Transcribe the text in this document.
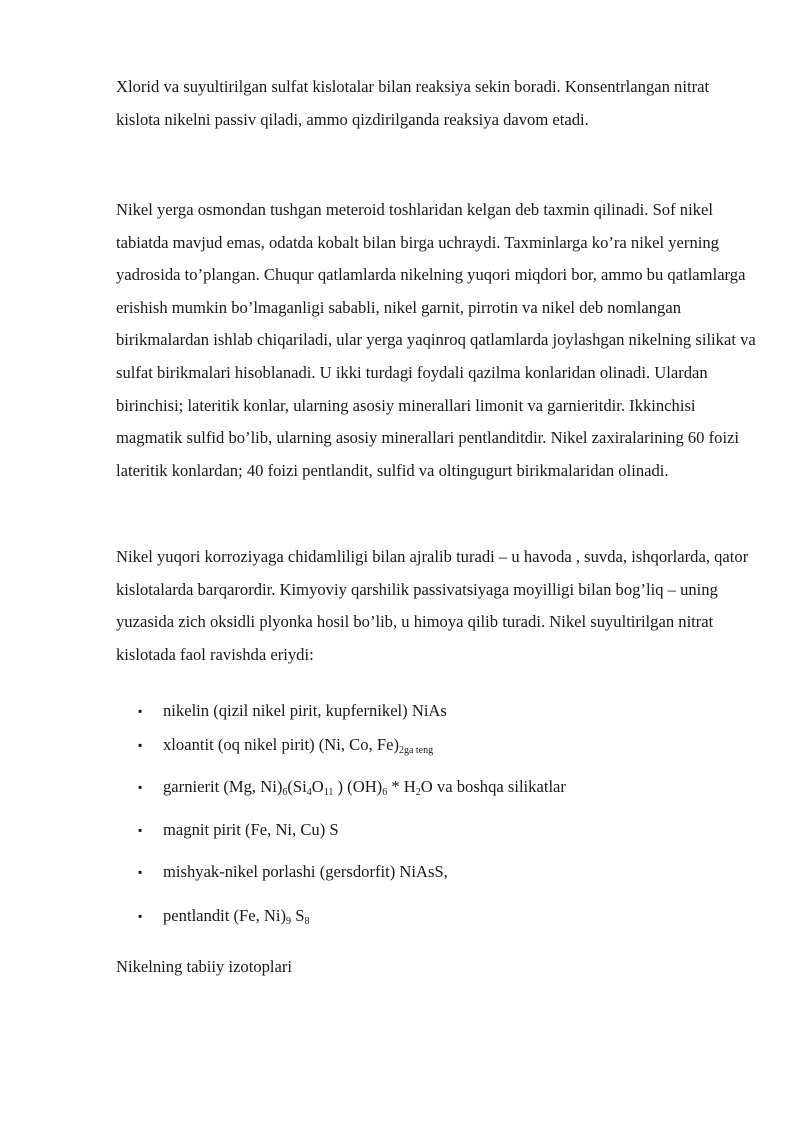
Xlorid va suyultirilgan sulfat kislotalar bilan reaksiya sekin boradi. Konsentrlangan nitrat kislota nikelni passiv qiladi, ammo qizdirilganda reaksiya davom etadi.

Nikel yerga osmondan tushgan meteroid toshlaridan kelgan deb taxmin qilinadi. Sof nikel tabiatda mavjud emas, odatda kobalt bilan birga uchraydi. Taxminlarga ko’ra nikel yerning yadrosida to’plangan. Chuqur qatlamlarda nikelning yuqori miqdori bor, ammo bu qatlamlarga erishish mumkin bo’lmaganligi sababli, nikel garnit, pirrotin va nikel deb nomlangan birikmalardan ishlab chiqariladi, ular yerga yaqinroq qatlamlarda joylashgan nikelning silikat va sulfat birikmalari hisoblanadi. U ikki turdagi foydali qazilma konlaridan olinadi. Ulardan birinchisi; lateritik konlar, ularning asosiy minerallari limonit va garnieritdir. Ikkinchisi magmatik sulfid bo’lib, ularning asosiy minerallari pentlanditdir. Nikel zaxiralarining 60 foizi lateritik konlardan; 40 foizi pentlandit, sulfid va oltingugurt birikmalaridan olinadi.

Nikel yuqori korroziyaga chidamliligi bilan ajralib turadi – u havoda , suvda, ishqorlarda, qator kislotalarda barqarordir. Kimyoviy qarshilik passivatsiyaga moyilligi bilan bog’liq – uning yuzasida zich oksidli plyonka hosil bo’lib, u himoya qilib turadi. Nikel suyultirilgan nitrat kislotada faol ravishda eriydi:

▪ nikelin (qizil nikel pirit, kupfernikel) NiAs
▪ xloantit (oq nikel pirit) (Ni, Co, $Fe)_{2ga teng}$
▪ garnierit (Mg, $Ni)_6(Si_4O_{11}$ ) $(OH)_6 * H_2O$ va boshqa silikatlar
▪ magnit pirit (Fe, Ni, Cu) S
▪ mishyak-nikel porlashi (gersdorfit) NiAsS,
▪ pentlandit (Fe, $Ni)_9$ $S_8$

Nikelning tabiiy izotoplari
